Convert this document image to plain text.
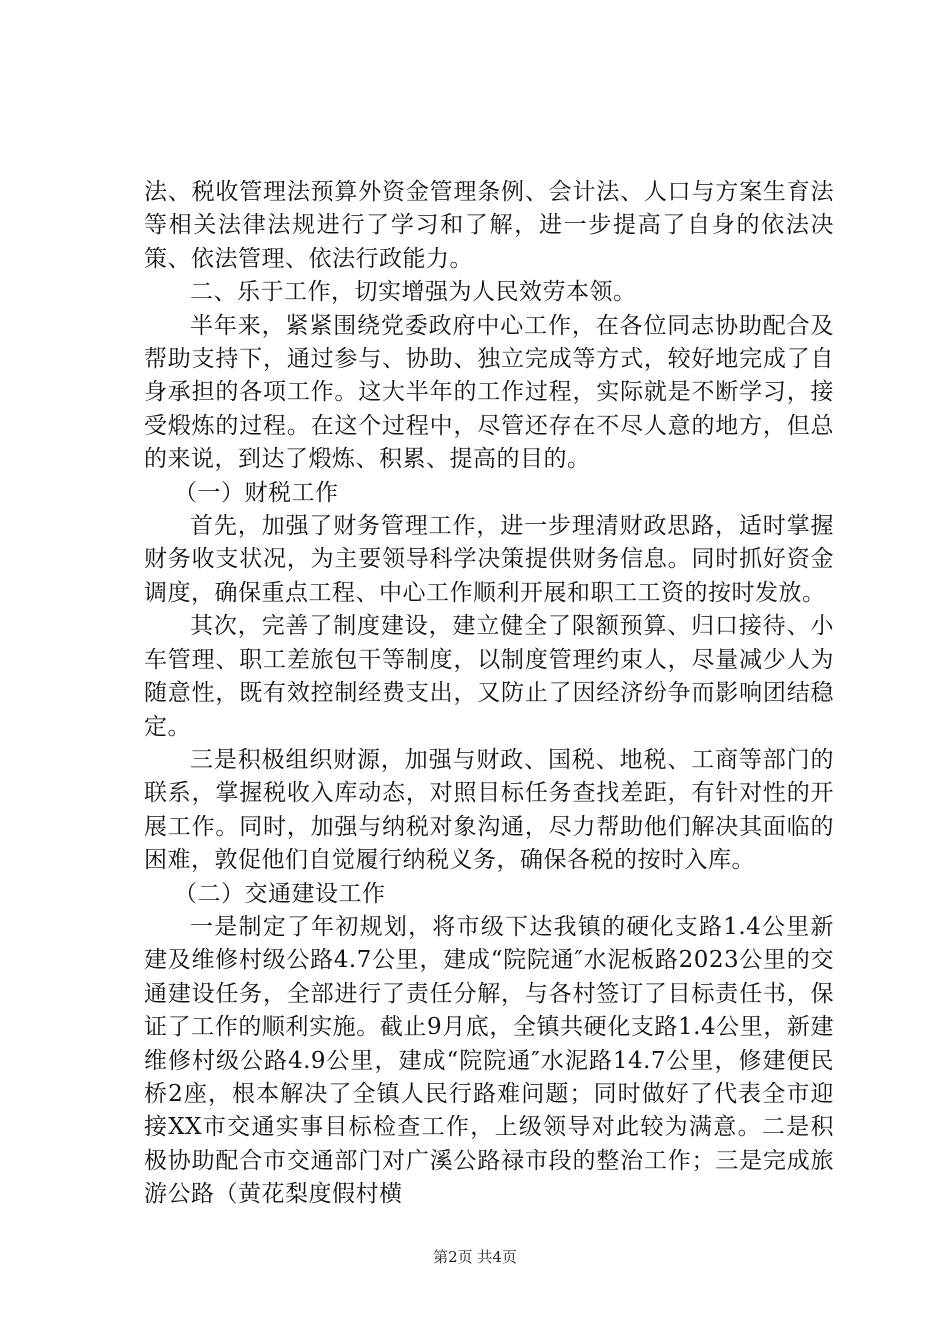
法、税收管理法预算外资金管理条例、会计法、人口与方案生育法等相关法律法规进行了学习和了解，进一步提高了自身的依法决策、依法管理、依法行政能力。

二、乐于工作，切实增强为人民效劳本领。

半年来，紧紧围绕党委政府中心工作，在各位同志协助配合及帮助支持下，通过参与、协助、独立完成等方式，较好地完成了自身承担的各项工作。这大半年的工作过程，实际就是不断学习，接受煅炼的过程。在这个过程中，尽管还存在不尽人意的地方，但总的来说，到达了煅炼、积累、提高的目的。

（一）财税工作

首先，加强了财务管理工作，进一步理清财政思路，适时掌握财务收支状况，为主要领导科学决策提供财务信息。同时抓好资金调度，确保重点工程、中心工作顺利开展和职工工资的按时发放。

其次，完善了制度建设，建立健全了限额预算、归口接待、小车管理、职工差旅包干等制度，以制度管理约束人，尽量减少人为随意性，既有效控制经费支出，又防止了因经济纷争而影响团结稳定。

三是积极组织财源，加强与财政、国税、地税、工商等部门的联系，掌握税收入库动态，对照目标任务查找差距，有针对性的开展工作。同时，加强与纳税对象沟通，尽力帮助他们解决其面临的困难，敦促他们自觉履行纳税义务，确保各税的按时入库。

（二）交通建设工作

一是制定了年初规划，将市级下达我镇的硬化支路1.4公里新建及维修村级公路4.7公里，建成“院院通″水泥板路2023公里的交通建设任务，全部进行了责任分解，与各村签订了目标责任书，保证了工作的顺利实施。截止9月底，全镇共硬化支路1.4公里，新建维修村级公路4.9公里，建成“院院通″水泥路14.7公里，修建便民桥2座，根本解决了全镇人民行路难问题；同时做好了代表全市迎接XX市交通实事目标检查工作，上级领导对此较为满意。二是积极协助配合市交通部门对广溪公路禄市段的整治工作；三是完成旅游公路（黄花梨度假村横

第2页 共4页
